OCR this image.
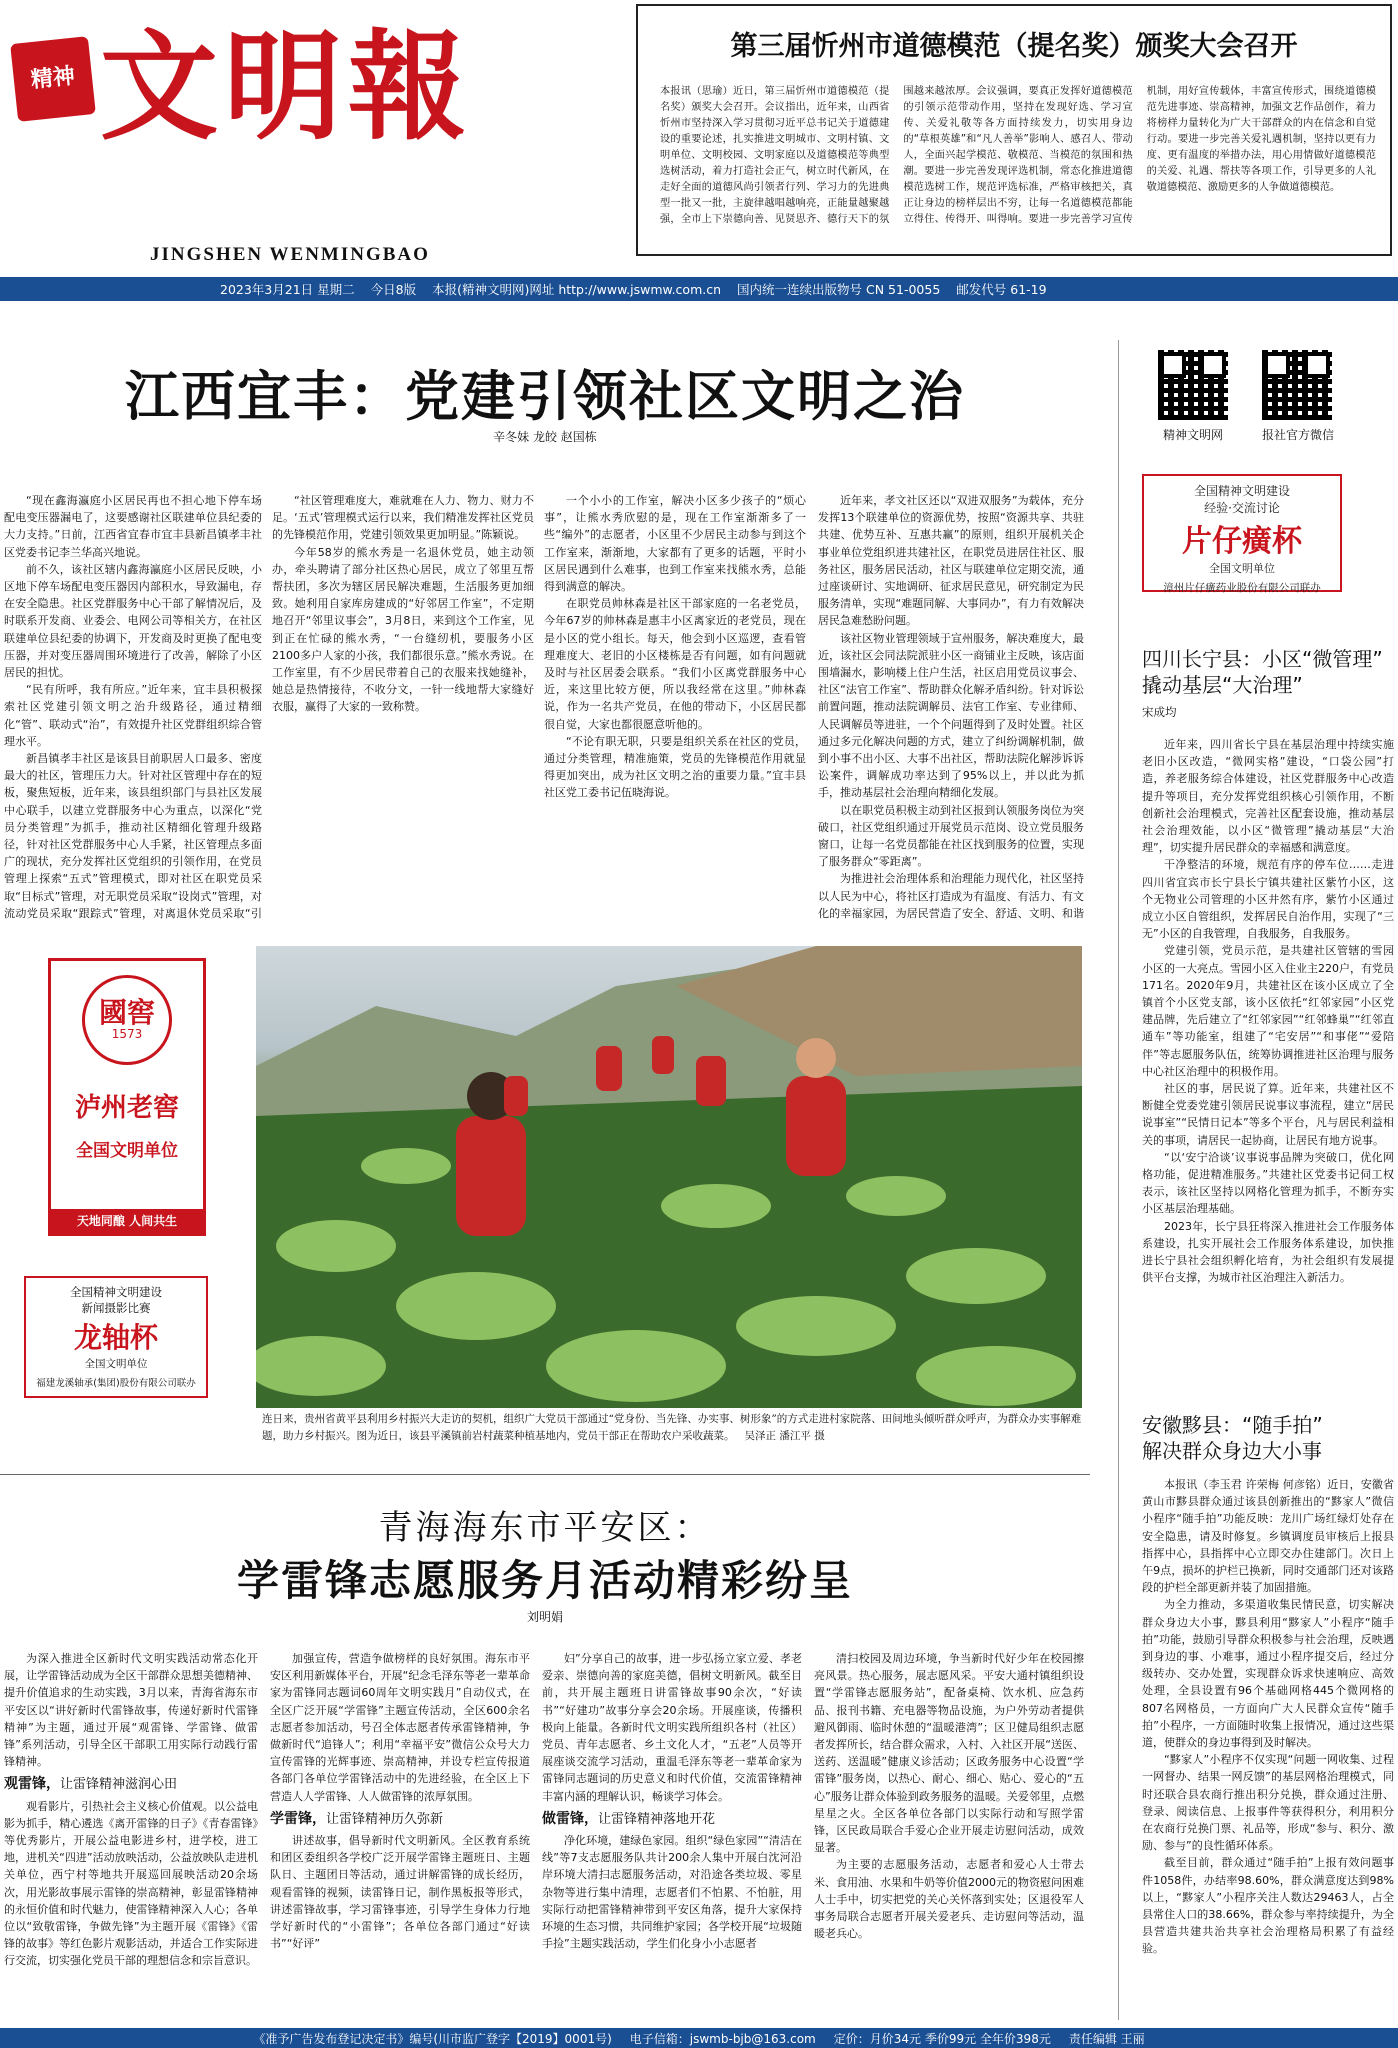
精神 文明報
JINGSHEN WENMINGBAO
第三届忻州市道德模范（提名奖）颁奖大会召开
本报讯（思瑜）近日，第三届忻州市道德模范（提名奖）颁奖大会召开。会议指出，近年来，山西省忻州市坚持深入学习贯彻习近平总书记关于道德建设的重要论述，扎实推进文明城市、文明村镇、文明单位、文明校园、文明家庭以及道德模范等典型选树活动，着力打造社会正气，树立时代新风，在走好全面的道德风尚引领者行列、学习力的先进典型一批又一批，主旋律越唱越响亮，正能量越聚越强，全市上下崇德向善、见贤思齐、德行天下的氛围越来越浓厚。会议强调，要真正发挥好道德模范的引领示范带动作用，坚持在发现好选、学习宣传、关爱礼敬等各方面持续发力，切实用身边的“草根英雄”和“凡人善举”影响人、感召人、带动人，全面兴起学模范、敬模范、当模范的氛围和热潮。要进一步完善发现评选机制，常态化推进道德模范选树工作，规范评选标准，严格审核把关，真正让身边的榜样层出不穷，让每一名道德模范都能立得住、传得开、叫得响。要进一步完善学习宣传机制，用好宣传载体，丰富宣传形式，围绕道德模范先进事迹、崇高精神，加强文艺作品创作，着力将榜样力量转化为广大干部群众的内在信念和自觉行动。要进一步完善关爱礼遇机制，坚持以更有力度、更有温度的举措办法，用心用情做好道德模范的关爱、礼遇、帮扶等各项工作，引导更多的人礼敬道德模范、激励更多的人争做道德模范。
2023年3月21日 星期二 今日8版 本报(精神文明网)网址 http://www.jswmw.com.cn 国内统一连续出版物号 CN 51-0055 邮发代号 61-19
江西宜丰：党建引领社区文明之治
辛冬妹 龙皎 赵国栋

“现在鑫海瀛庭小区居民再也不担心地下停车场配电变压器漏电了，这要感谢社区联建单位县纪委的大力支持。”日前，江西省宜春市宜丰县新昌镇孝丰社区党委书记李兰华高兴地说。

前不久，该社区辖内鑫海瀛庭小区居民反映，小区地下停车场配电变压器因内部积水，导致漏电，存在安全隐患。社区党群服务中心干部了解情况后，及时联系开发商、业委会、电网公司等相关方，在社区联建单位县纪委的协调下，开发商及时更换了配电变压器，并对变压器周围环境进行了改善，解除了小区居民的担忧。

“民有所呼，我有所应。”近年来，宜丰县积极探索社区党建引领文明之治升级路径，通过精细化“管”、联动式“治”，有效提升社区党群组织综合管理水平。

新昌镇孝丰社区是该县目前职居人口最多、密度最大的社区，管理压力大。针对社区管理中存在的短板，聚焦短板，近年来，该县组织部门与县社区发展中心联手，以建立党群服务中心为重点，以深化“党员分类管理”为抓手，推动社区精细化管理升级路径，针对社区党群服务中心人手紧，社区管理点多面广的现状，充分发挥社区党组织的引领作用，在党员管理上探索“五式”管理模式，即对社区在职党员采取“目标式”管理，对无职党员采取“设岗式”管理，对流动党员采取“跟踪式”管理，对离退休党员采取“引

“社区管理难度大，难就难在人力、物力、财力不足。‘五式’管理模式运行以来，我们精准发挥社区党员的先锋模范作用，党建引领效果更加明显。”陈颖说。

今年58岁的熊水秀是一名退休党员，她主动领办，牵头聘请了部分社区热心居民，成立了邻里互帮帮扶团，多次为辖区居民解决难题，生活服务更加细致。她利用自家库房建成的“好邻居工作室”，不定期地召开“邻里议事会”，3月8日，来到这个工作室，见到正在忙碌的熊水秀，“一台缝纫机，要服务小区2100多户人家的小孩，我们都很乐意。”熊水秀说。在工作室里，有不少居民带着自己的衣服来找她缝补，她总是热情接待，不收分文，一针一线地帮大家缝好衣服，赢得了大家的一致称赞。

一个小小的工作室，解决小区多少孩子的“烦心事”，让熊水秀欣慰的是，现在工作室渐渐多了一些“编外”的志愿者，小区里不少居民主动参与到这个工作室来，渐渐地，大家都有了更多的话题，平时小区居民遇到什么难事，也到工作室来找熊水秀，总能得到满意的解决。

在职党员帅林森是社区干部家庭的一名老党员，今年67岁的帅林森是惠丰小区离家近的老党员，现在是小区的党小组长。每天，他会到小区巡逻，查看管理难度大、老旧的小区楼栋是否有问题，如有问题就及时与社区居委会联系。“我们小区离党群服务中心近，来这里比较方便，所以我经常在这里。”帅林森说，作为一名共产党员，在他的带动下，小区居民都很自觉，大家也都很愿意听他的。

“不论有职无职，只要是组织关系在社区的党员，通过分类管理，精准施策，党员的先锋模范作用就显得更加突出，成为社区文明之治的重要力量。”宜丰县社区党工委书记伍晓海说。

近年来，孝文社区还以“双进双服务”为载体，充分发挥13个联建单位的资源优势，按照“资源共享、共驻共建、优势互补、互惠共赢”的原则，组织开展机关企事业单位党组织进共建社区，在职党员进居住社区、服务社区，服务居民活动，社区与联建单位定期交流，通过座谈研讨、实地调研、征求居民意见，研究制定为民服务清单，实现“难题同解、大事同办”，有力有效解决居民急难愁盼问题。

该社区物业管理领域于宣州服务，解决难度大，最近，该社区会同法院派驻小区一商铺业主反映，该店面围墙漏水，影响楼上住户生活，社区启用党员议事会、社区“法官工作室”、帮助群众化解矛盾纠纷。针对诉讼前置问题，推动法院调解员、法官工作室、专业律师、人民调解员等进驻，一个个问题得到了及时处置。社区通过多元化解决问题的方式，建立了纠纷调解机制，做到小事不出小区、大事不出社区，帮助法院化解涉诉诉讼案件，调解成功率达到了95%以上，并以此为抓手，推动基层社会治理向精细化发展。

以在职党员积极主动到社区报到认领服务岗位为突破口，社区党组织通过开展党员示范岗、设立党员服务窗口，让每一名党员都能在社区找到服务的位置，实现了服务群众“零距离”。

为推进社会治理体系和治理能力现代化，社区坚持以人民为中心，将社区打造成为有温度、有活力、有文化的幸福家园，为居民营造了安全、舒适、文明、和谐

精神文明网	报社官方微信
全国精神文明建设
经验·交流讨论
片仔癀杯
全国文明单位
漳州片仔癀药业股份有限公司联办
四川长宁县：小区“微管理”
撬动基层“大治理”
宋成均

近年来，四川省长宁县在基层治理中持续实施老旧小区改造，“微网实格”建设，“口袋公园”打造，养老服务综合体建设，社区党群服务中心改造提升等项目，充分发挥党组织核心引领作用，不断创新社会治理模式，完善社区配套设施，推动基层社会治理效能，以小区“微管理”撬动基层“大治理”，切实提升居民群众的幸福感和满意度。

干净整洁的环境，规范有序的停车位……走进四川省宜宾市长宁县长宁镇共建社区紫竹小区，这个无物业公司管理的小区井然有序，紫竹小区通过成立小区自管组织，发挥居民自治作用，实现了“三无”小区的自我管理，自我服务，自我服务。

党建引领，党员示范，是共建社区管辖的雪园小区的一大亮点。雪园小区入住业主220户，有党员171名。2020年9月，共建社区在该小区成立了全镇首个小区党支部，该小区依托“红邻家园”小区党建品牌，先后建立了“红邻家园”“红邻蜂巢”“红邻直通车”等功能室，组建了“宅安居”“和事佬”“爱陪伴”等志愿服务队伍，统筹协调推进社区治理与服务中心社区治理中的积极作用。

社区的事，居民说了算。近年来，共建社区不断健全党委党建引领居民说事议事流程，建立“居民说事室”“民情日记本”等多个平台，凡与居民利益相关的事项，请居民一起协商，让居民有地方说事。

“以‘安宁洽谈’议事说事品牌为突破口，优化网格功能，促进精准服务。”共建社区党委书记伺工权表示，该社区坚持以网格化管理为抓手，不断夯实小区基层治理基础。

2023年，长宁县狂将深入推进社会工作服务体系建设，扎实开展社会工作服务体系建设，加快推进长宁县社会组织孵化培育，为社会组织有发展提供平台支撑，为城市社区治理注入新活力。

安徽黟县：“随手拍”
解决群众身边大小事

本报讯（李玉君 许荣梅 何彦铭）近日，安徽省黄山市黟县群众通过该县创新推出的“黟家人”微信小程序“随手拍”功能反映：龙川广场红绿灯处存在安全隐患，请及时修复。乡镇调度员审核后上报县指挥中心，县指挥中心立即交办住建部门。次日上午9点，损坏的护栏已换新，同时交通部门还对该路段的护栏全部更新并装了加固措施。

为全力推动，多渠道收集民情民意，切实解决群众身边大小事，黟县利用“黟家人”小程序“随手拍”功能，鼓励引导群众积极参与社会治理，反映遇到身边的事、小难事，通过小程序提交后，经过分级转办、交办处置，实现群众诉求快速响应、高效处理，全县设置有96个基础网格445个微网格的807名网格员，一方面向广大人民群众宣传“随手拍”小程序，一方面随时收集上报情况，通过这些渠道，使群众的身边事得到及时解决。

“黟家人”小程序不仅实现“问题一网收集、过程一网督办、结果一网反馈”的基层网格治理模式，同时还联合县农商行推出积分兑换，群众通过注册、登录、阅读信息、上报事件等获得积分，利用积分在农商行兑换门票、礼品等，形成“参与、积分、激励、参与”的良性循环体系。

截至目前，群众通过“随手拍”上报有效问题事件1058件，办结率98.60%，群众满意度达到98%以上，“黟家人”小程序关注人数达29463人，占全县常住人口的38.66%，群众参与率持续提升，为全县营造共建共治共享社会治理格局积累了有益经验。

國窖
1573
泸州老窖
全国文明单位
天地同酿 人间共生
全国精神文明建设
新闻摄影比赛
龙轴杯
全国文明单位
福建龙溪轴承(集团)股份有限公司联办
连日来，贵州省黄平县利用乡村振兴大走访的契机，组织广大党员干部通过“党身份、当先锋、办实事、树形象”的方式走进村家院落、田间地头倾听群众呼声，为群众办实事解难题，助力乡村振兴。图为近日，该县平溪镇前岩村蔬菜种植基地内，党员干部正在帮助农户采收蔬菜。 吴泽正 潘江平 摄
青海海东市平安区：
学雷锋志愿服务月活动精彩纷呈
刘明娟

为深入推进全区新时代文明实践活动常态化开展，让学雷锋活动成为全区干部群众思想美德精神、提升价值追求的生动实践，3月以来，青海省海东市平安区以“讲好新时代雷锋故事，传递好新时代雷锋精神”为主题，通过开展“观雷锋、学雷锋、做雷锋”系列活动，引导全区干部职工用实际行动践行雷锋精神。

观雷锋，让雷锋精神滋润心田

观看影片，引热社会主义核心价值观。以公益电影为抓手，精心遴选《离开雷锋的日子》《青春雷锋》等优秀影片，开展公益电影进乡村，进学校，进工地，进机关“四进”活动放映活动，公益放映队走进机关单位，西宁村等地共开展巡回展映活动20余场次，用光影故事展示雷锋的崇高精神，彰显雷锋精神的永恒价值和时代魅力，使雷锋精神深入人心；各单位以“致敬雷锋，争做先锋”为主题开展《雷锋》《雷锋的故事》等红色影片观影活动，并适合工作实际进行交流，切实强化党员干部的理想信念和宗旨意识。

加强宣传，营造争做榜样的良好氛围。海东市平安区利用新媒体平台，开展“纪念毛泽东等老一辈革命家为雷锋同志题词60周年文明实践月”自动仪式，在全区广泛开展“学雷锋”主题宣传活动，全区600余名志愿者参加活动，号召全体志愿者传承雷锋精神，争做新时代“追锋人”；利用“幸福平安”微信公众号大力宣传雷锋的光辉事迹、崇高精神，并设专栏宣传报道各部门各单位学雷锋活动中的先进经验，在全区上下营造人人学雷锋、人人做雷锋的浓厚氛围。

学雷锋，让雷锋精神历久弥新

讲述故事，倡导新时代文明新风。全区教育系统和团区委组织各学校广泛开展学雷锋主题班日、主题队日、主题团日等活动，通过讲解雷锋的成长经历，观看雷锋的视频，读雷锋日记，制作黑板报等形式，讲述雷锋故事，学习雷锋事迹，引导学生身体力行地学好新时代的“小雷锋”；各单位各部门通过“好读书”“好评”

妇”分享自己的故事，进一步弘扬立家立爱、孝老爱亲、崇德向善的家庭美德，倡树文明新风。截至目前，共开展主题班日讲雷锋故事90余次，“好读书”“好建功”故事分享会20余场。开展座谈，传播积极向上能量。各新时代文明实践所组织各村（社区）党员、青年志愿者、乡土文化人才，“五老”人员等开展座谈交流学习活动，重温毛泽东等老一辈革命家为雷锋同志题词的历史意义和时代价值，交流雷锋精神丰富内涵的理解认识，畅谈学习体会。

做雷锋，让雷锋精神落地开花

净化环境，建绿色家园。组织“绿色家园”“清洁在线”等7支志愿服务队共计200余人集中开展白沈河沿岸环境大清扫志愿服务活动，对沿途各类垃圾、零星杂物等进行集中清理，志愿者们不怕累、不怕脏，用实际行动把雷锋精神带到平安区角落，提升大家保持环境的生态习惯，共同维护家园；各学校开展“垃圾随手捡”主题实践活动，学生们化身小小志愿者

清扫校园及周边环境，争当新时代好少年在校园擦亮风景。热心服务，展志愿风采。平安大通村镇组织设置“学雷锋志愿服务站”，配备桌椅、饮水机、应急药品、报刊书籍、充电器等物品设施，为户外劳动者提供避风御雨、临时休憩的“温暖港湾”；区卫健局组织志愿者发挥所长，结合群众需求，入村、入社区开展“送医、送药、送温暖”健康义诊活动；区政务服务中心设置“学雷锋”服务岗，以热心、耐心、细心、贴心、爱心的“五心”服务让群众体验到政务服务的温暖。关爱邻里，点燃星星之火。全区各单位各部门以实际行动和写照学雷锋，区民政局联合手爱心企业开展走访慰问活动，成效显著。

为主要的志愿服务活动，志愿者和爱心人士带去米、食用油、水果和牛奶等价值2000元的物资慰问困难人士手中，切实把党的关心关怀落到实处；区退役军人事务局联合志愿者开展关爱老兵、走访慰问等活动，温暖老兵心。

《准予广告发布登记决定书》编号(川市监广登字【2019】0001号) 电子信箱：jswmb-bjb@163.com 定价：月价34元 季价99元 全年价398元 责任编辑 王丽
